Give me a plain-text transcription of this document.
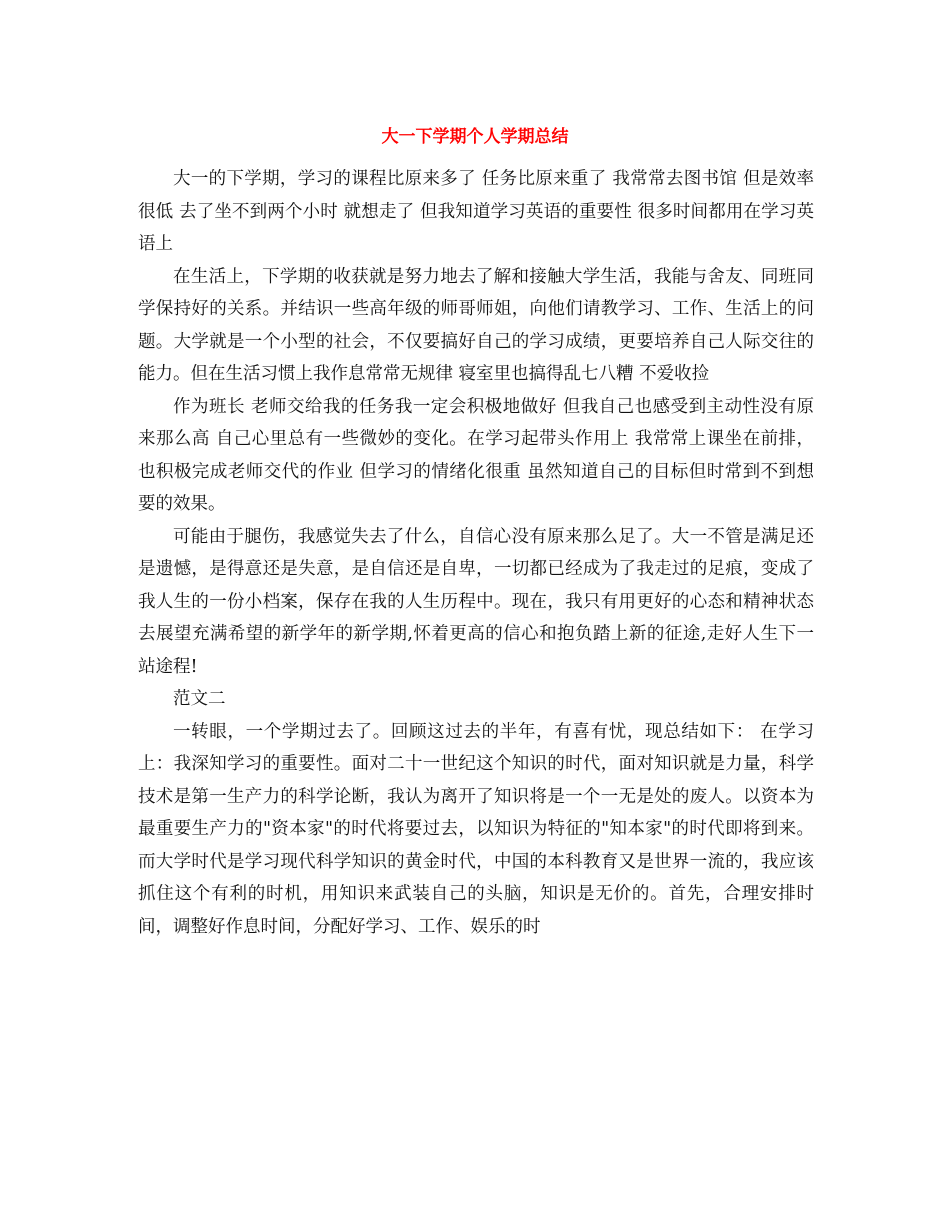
大一下学期个人学期总结

大一的下学期，学习的课程比原来多了 任务比原来重了 我常常去图书馆 但是效率很低 去了坐不到两个小时 就想走了 但我知道学习英语的重要性 很多时间都用在学习英语上

在生活上，下学期的收获就是努力地去了解和接触大学生活，我能与舍友、同班同学保持好的关系。并结识一些高年级的师哥师姐，向他们请教学习、工作、生活上的问题。大学就是一个小型的社会，不仅要搞好自己的学习成绩，更要培养自己人际交往的能力。但在生活习惯上我作息常常无规律 寝室里也搞得乱七八糟 不爱收捡

作为班长 老师交给我的任务我一定会积极地做好 但我自己也感受到主动性没有原来那么高 自己心里总有一些微妙的变化。在学习起带头作用上 我常常上课坐在前排，也积极完成老师交代的作业 但学习的情绪化很重 虽然知道自己的目标但时常到不到想要的效果。

可能由于腿伤，我感觉失去了什么，自信心没有原来那么足了。大一不管是满足还是遗憾，是得意还是失意，是自信还是自卑，一切都已经成为了我走过的足痕，变成了我人生的一份小档案，保存在我的人生历程中。现在，我只有用更好的心态和精神状态去展望充满希望的新学年的新学期,怀着更高的信心和抱负踏上新的征途,走好人生下一站途程!

范文二

一转眼，一个学期过去了。回顾这过去的半年，有喜有忧，现总结如下： 在学习上：我深知学习的重要性。面对二十一世纪这个知识的时代，面对知识就是力量，科学技术是第一生产力的科学论断，我认为离开了知识将是一个一无是处的废人。以资本为最重要生产力的"资本家"的时代将要过去，以知识为特征的"知本家"的时代即将到来。而大学时代是学习现代科学知识的黄金时代，中国的本科教育又是世界一流的，我应该抓住这个有利的时机，用知识来武装自己的头脑，知识是无价的。首先，合理安排时间，调整好作息时间，分配好学习、工作、娱乐的时
